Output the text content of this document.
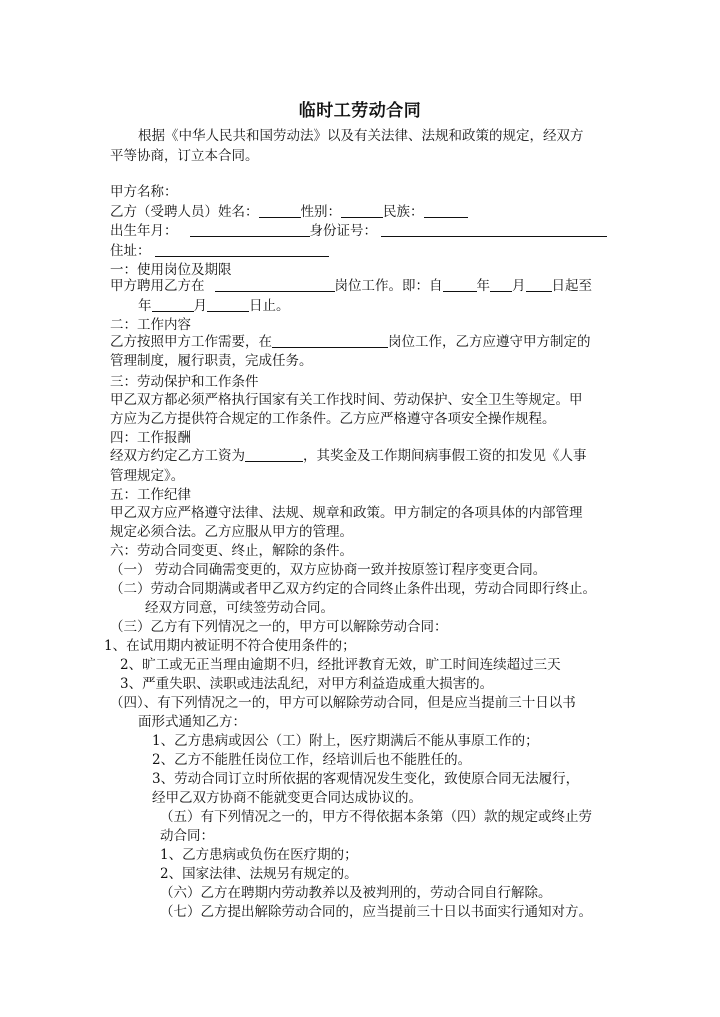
临时工劳动合同
根据《中华人民共和国劳动法》以及有关法律、法规和政策的规定，经双方
平等协商，订立本合同。
甲方名称：
乙方（受聘人员）姓名：	性别：	民族：
出生年月：	身份证号：
住址：
一：使用岗位及期限
甲方聘用乙方在	岗位工作。即：自	年 月 日起至
年	月	日止。
二：工作内容
乙方按照甲方工作需要，在	岗位工作，乙方应遵守甲方制定的
管理制度，履行职责，完成任务。
三：劳动保护和工作条件
甲乙双方都必须严格执行国家有关工作找时间、劳动保护、安全卫生等规定。甲
方应为乙方提供符合规定的工作条件。乙方应严格遵守各项安全操作规程。
四：工作报酬
经双方约定乙方工资为	，其奖金及工作期间病事假工资的扣发见《人事
管理规定》。
五：工作纪律
甲乙双方应严格遵守法律、法规、规章和政策。甲方制定的各项具体的内部管理
规定必须合法。乙方应服从甲方的管理。
六：劳动合同变更、终止，解除的条件。
（一） 劳动合同确需变更的，双方应协商一致并按原签订程序变更合同。
（二）劳动合同期满或者甲乙双方约定的合同终止条件出现，劳动合同即行终止。
经双方同意，可续签劳动合同。
（三）乙方有下列情况之一的，甲方可以解除劳动合同：
1、在试用期内被证明不符合使用条件的；
2、旷工或无正当理由逾期不归，经批评教育无效，旷工时间连续超过三天
3、严重失职、渎职或违法乱纪，对甲方利益造成重大损害的。
（四）、有下列情况之一的，甲方可以解除劳动合同，但是应当提前三十日以书
面形式通知乙方：
1、乙方患病或因公（工）附上，医疗期满后不能从事原工作的；
2、乙方不能胜任岗位工作，经培训后也不能胜任的。
3、劳动合同订立时所依据的客观情况发生变化，致使原合同无法履行，
经甲乙双方协商不能就变更合同达成协议的。
（五）有下列情况之一的，甲方不得依据本条第（四）款的规定或终止劳
动合同：
1、乙方患病或负伤在医疗期的；
2、国家法律、法规另有规定的。
（六）乙方在聘期内劳动教养以及被判刑的，劳动合同自行解除。
（七）乙方提出解除劳动合同的，应当提前三十日以书面实行通知对方。
